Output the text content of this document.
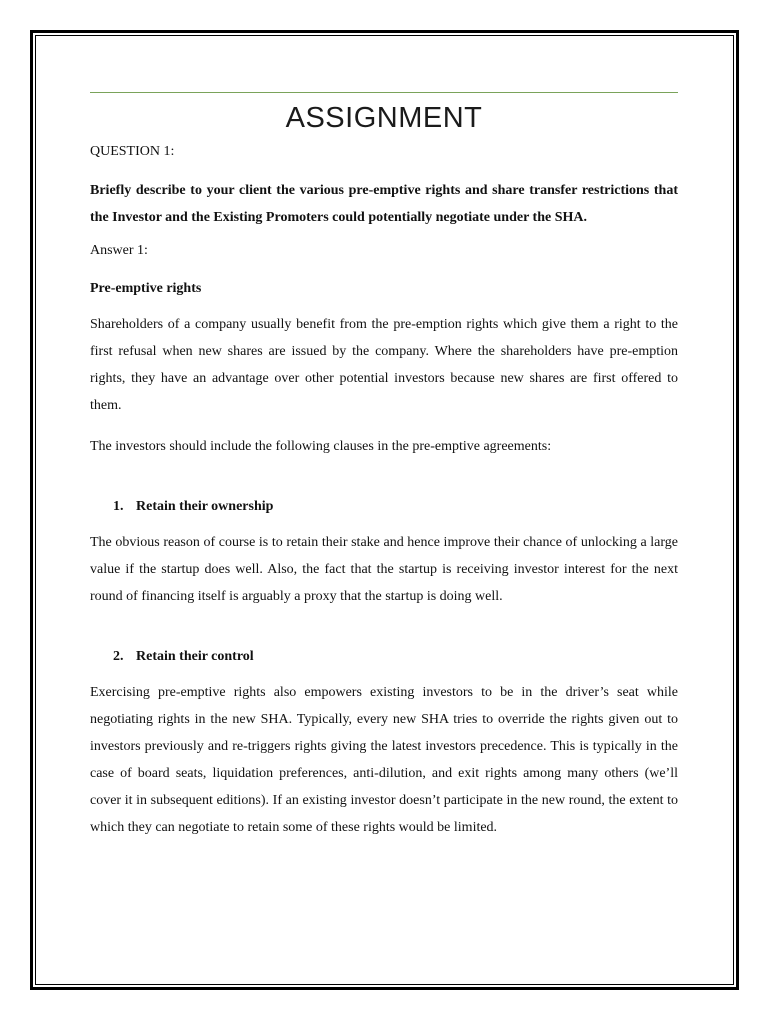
ASSIGNMENT
QUESTION 1:
Briefly describe to your client the various pre-emptive rights and share transfer restrictions that the Investor and the Existing Promoters could potentially negotiate under the SHA.
Answer 1:
Pre-emptive rights
Shareholders of a company usually benefit from the pre-emption rights which give them a right to the first refusal when new shares are issued by the company. Where the shareholders have pre-emption rights, they have an advantage over other potential investors because new shares are first offered to them.
The investors should include the following clauses in the pre-emptive agreements:
1. Retain their ownership
The obvious reason of course is to retain their stake and hence improve their chance of unlocking a large value if the startup does well. Also, the fact that the startup is receiving investor interest for the next round of financing itself is arguably a proxy that the startup is doing well.
2. Retain their control
Exercising pre-emptive rights also empowers existing investors to be in the driver’s seat while negotiating rights in the new SHA. Typically, every new SHA tries to override the rights given out to investors previously and re-triggers rights giving the latest investors precedence. This is typically in the case of board seats, liquidation preferences, anti-dilution, and exit rights among many others (we’ll cover it in subsequent editions). If an existing investor doesn’t participate in the new round, the extent to which they can negotiate to retain some of these rights would be limited.
